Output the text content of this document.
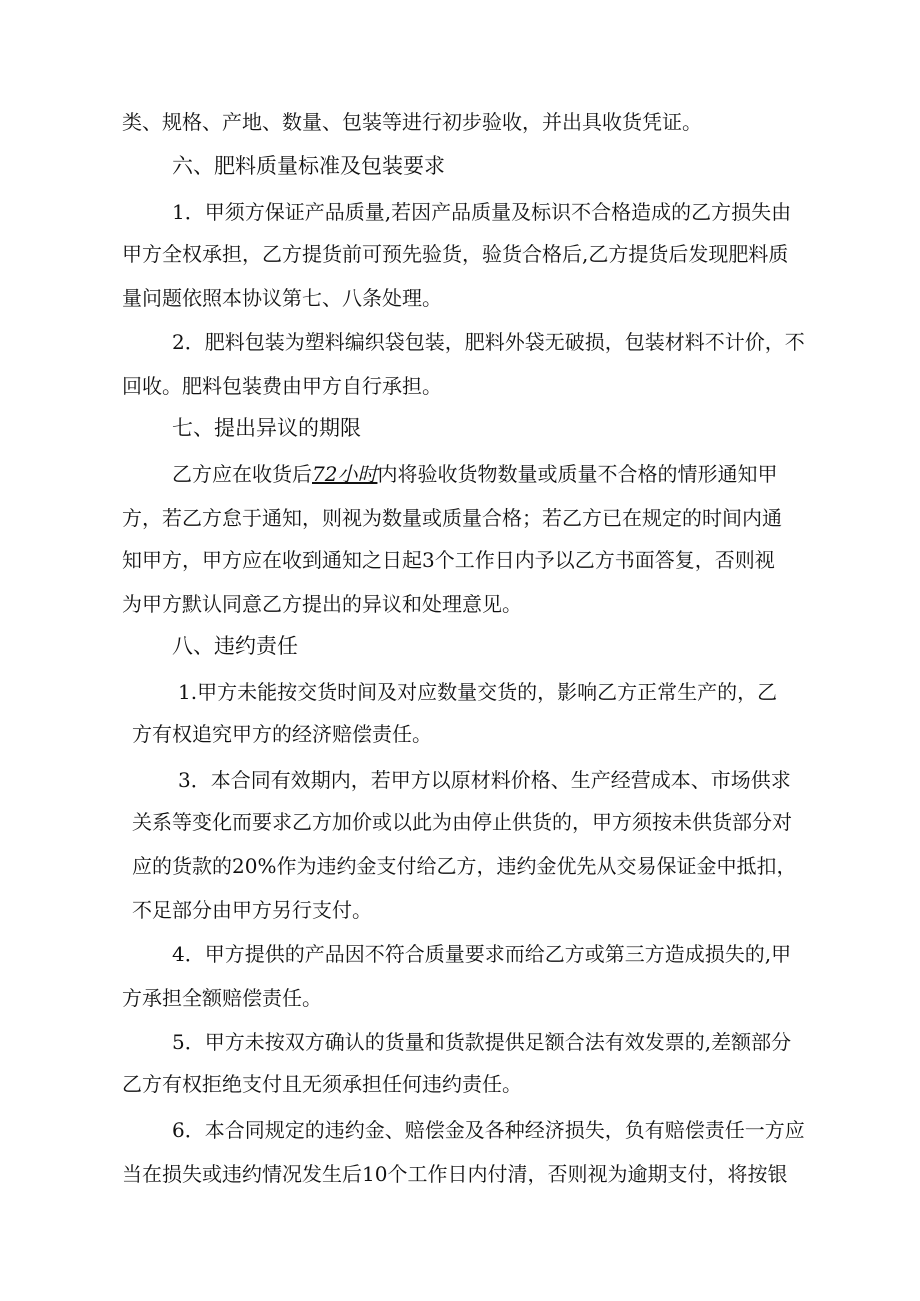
类、规格、产地、数量、包装等进行初步验收，并出具收货凭证。
六、肥料质量标准及包装要求
1．甲须方保证产品质量,若因产品质量及标识不合格造成的乙方损失由
甲方全权承担，乙方提货前可预先验货，验货合格后,乙方提货后发现肥料质
量问题依照本协议第七、八条处理。
2．肥料包装为塑料编织袋包装，肥料外袋无破损，包装材料不计价，不
回收。肥料包装费由甲方自行承担。
七、提出异议的期限
乙方应在收货后72小时内将验收货物数量或质量不合格的情形通知甲
方，若乙方怠于通知，则视为数量或质量合格；若乙方已在规定的时间内通
知甲方，甲方应在收到通知之日起3个工作日内予以乙方书面答复，否则视
为甲方默认同意乙方提出的异议和处理意见。
八、违约责任
1.甲方未能按交货时间及对应数量交货的，影响乙方正常生产的，乙
方有权追究甲方的经济赔偿责任。
3．本合同有效期内，若甲方以原材料价格、生产经营成本、市场供求
关系等变化而要求乙方加价或以此为由停止供货的，甲方须按未供货部分对
应的货款的20%作为违约金支付给乙方，违约金优先从交易保证金中抵扣，
不足部分由甲方另行支付。
4．甲方提供的产品因不符合质量要求而给乙方或第三方造成损失的,甲
方承担全额赔偿责任。
5．甲方未按双方确认的货量和货款提供足额合法有效发票的,差额部分
乙方有权拒绝支付且无须承担任何违约责任。
6．本合同规定的违约金、赔偿金及各种经济损失，负有赔偿责任一方应
当在损失或违约情况发生后10个工作日内付清，否则视为逾期支付，将按银
